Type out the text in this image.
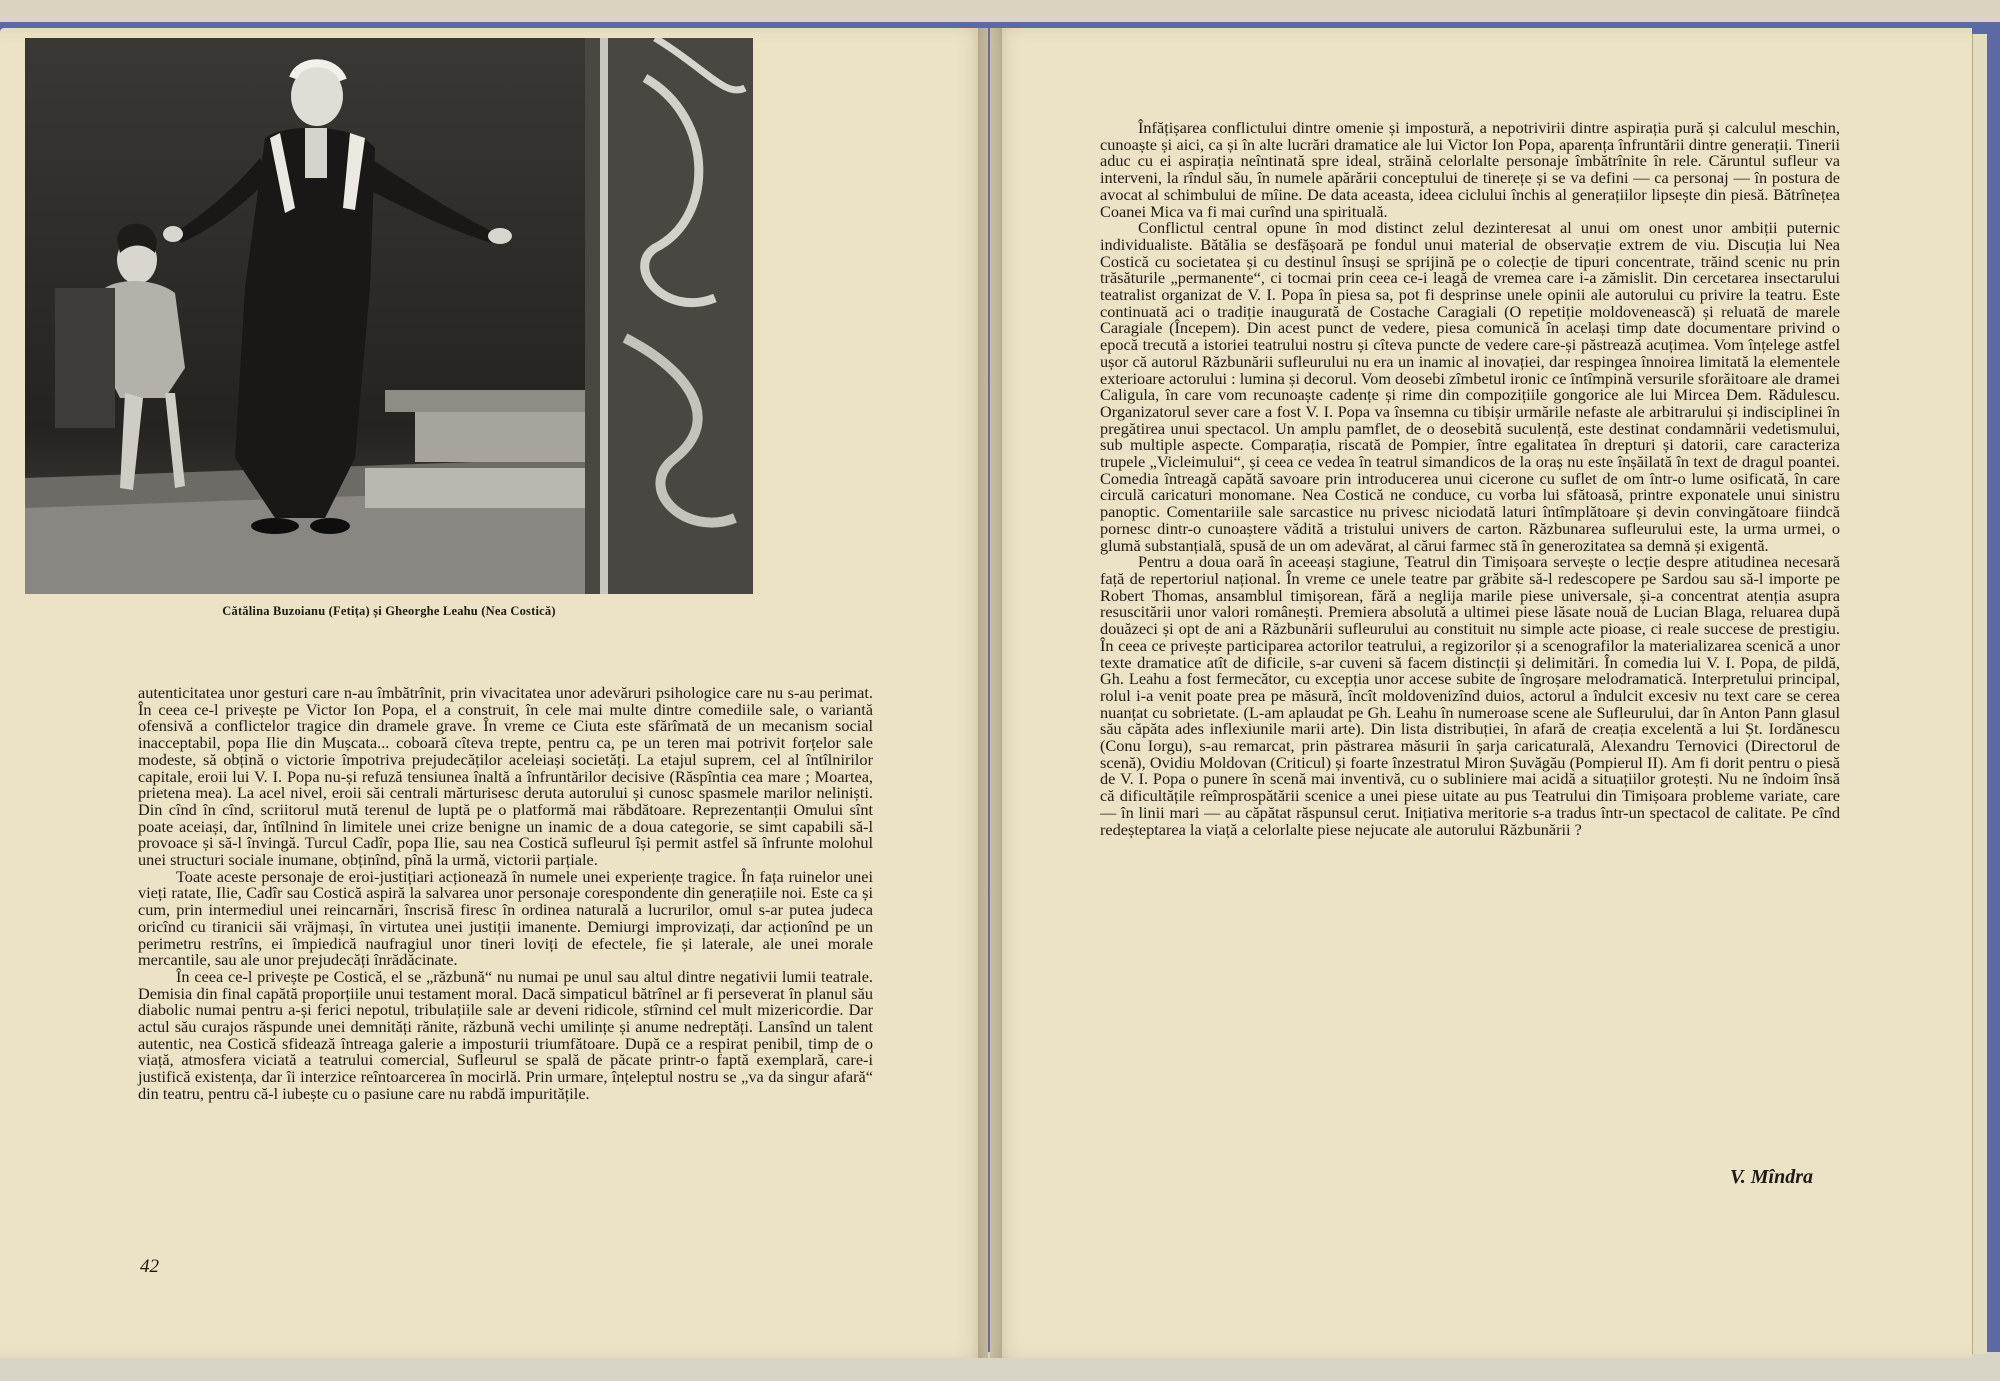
Cătălina Buzoianu (Fetița) și Gheorghe Leahu (Nea Costică)

autenticitatea unor gesturi care n-au îmbătrînit, prin vivacitatea unor adevăruri psihologice care nu s-au perimat. În ceea ce-l privește pe Victor Ion Popa, el a construit, în cele mai multe dintre comediile sale, o variantă ofensivă a conflictelor tragice din dramele grave. În vreme ce Ciuta este sfărîmată de un mecanism social inacceptabil, popa Ilie din Mușcata... coboară cîteva trepte, pentru ca, pe un teren mai potrivit forțelor sale modeste, să obțină o victorie împotriva prejudecăților aceleiași societăți. La etajul suprem, cel al întîlnirilor capitale, eroii lui V. I. Popa nu-și refuză tensiunea înaltă a înfruntărilor decisive (Răspîntia cea mare ; Moartea, prietena mea). La acel nivel, eroii săi centrali mărturisesc deruta autorului și cunosc spasmele marilor neliniști. Din cînd în cînd, scriitorul mută terenul de luptă pe o platformă mai răbdătoare. Reprezentanții Omului sînt poate aceiași, dar, întîlnind în limitele unei crize benigne un inamic de a doua categorie, se simt capabili să-l provoace și să-l învingă. Turcul Cadîr, popa Ilie, sau nea Costică sufleurul își permit astfel să înfrunte molohul unei structuri sociale inumane, obținînd, pînă la urmă, victorii parțiale.

Toate aceste personaje de eroi-justițiari acționează în numele unei experiențe tragice. În fața ruinelor unei vieți ratate, Ilie, Cadîr sau Costică aspiră la salvarea unor personaje corespondente din generațiile noi. Este ca și cum, prin intermediul unei reincarnări, înscrisă firesc în ordinea naturală a lucrurilor, omul s-ar putea judeca oricînd cu tiranicii săi vrăjmași, în virtutea unei justiții imanente. Demiurgi improvizați, dar acționînd pe un perimetru restrîns, ei împiedică naufragiul unor tineri loviți de efectele, fie și laterale, ale unei morale mercantile, sau ale unor prejudecăți înrădăcinate.

În ceea ce-l privește pe Costică, el se „răzbună“ nu numai pe unul sau altul dintre negativii lumii teatrale. Demisia din final capătă proporțiile unui testament moral. Dacă simpaticul bătrînel ar fi perseverat în planul său diabolic numai pentru a-și ferici nepotul, tribulațiile sale ar deveni ridicole, stîrnind cel mult mizericordie. Dar actul său curajos răspunde unei demnități rănite, răzbună vechi umilințe și anume nedreptăți. Lansînd un talent autentic, nea Costică sfidează întreaga galerie a imposturii triumfătoare. După ce a respirat penibil, timp de o viață, atmosfera viciată a teatrului comercial, Sufleurul se spală de păcate printr-o faptă exemplară, care-i justifică existența, dar îi interzice reîntoarcerea în mocirlă. Prin urmare, înțeleptul nostru se „va da singur afară“ din teatru, pentru că-l iubește cu o pasiune care nu rabdă impuritățile.

42

Înfățișarea conflictului dintre omenie și impostură, a nepotrivirii dintre aspirația pură și calculul meschin, cunoaște și aici, ca și în alte lucrări dramatice ale lui Victor Ion Popa, aparența înfruntării dintre generații. Tinerii aduc cu ei aspirația neîntinată spre ideal, străină celorlalte personaje îmbătrînite în rele. Căruntul sufleur va interveni, la rîndul său, în numele apărării conceptului de tinerețe și se va defini — ca personaj — în postura de avocat al schimbului de mîine. De data aceasta, ideea ciclului închis al generațiilor lipsește din piesă. Bătrînețea Coanei Mica va fi mai curînd una spirituală.

Conflictul central opune în mod distinct zelul dezinteresat al unui om onest unor ambiții puternic individualiste. Bătălia se desfășoară pe fondul unui material de observație extrem de viu. Discuția lui Nea Costică cu societatea și cu destinul însuși se sprijină pe o colecție de tipuri concentrate, trăind scenic nu prin trăsăturile „permanente“, ci tocmai prin ceea ce-i leagă de vremea care i-a zămislit. Din cercetarea insectarului teatralist organizat de V. I. Popa în piesa sa, pot fi desprinse unele opinii ale autorului cu privire la teatru. Este continuată aci o tradiție inaugurată de Costache Caragiali (O repetiție moldovenească) și reluată de marele Caragiale (Începem). Din acest punct de vedere, piesa comunică în același timp date documentare privind o epocă trecută a istoriei teatrului nostru și cîteva puncte de vedere care-și păstrează acuțimea. Vom înțelege astfel ușor că autorul Răzbunării sufleurului nu era un inamic al inovației, dar respingea înnoirea limitată la elementele exterioare actorului : lumina și decorul. Vom deosebi zîmbetul ironic ce întîmpină versurile sforăitoare ale dramei Caligula, în care vom recunoaște cadențe și rime din compozițiile gongorice ale lui Mircea Dem. Rădulescu. Organizatorul sever care a fost V. I. Popa va însemna cu tibișir urmările nefaste ale arbitrarului și indisciplinei în pregătirea unui spectacol. Un amplu pamflet, de o deosebită suculență, este destinat condamnării vedetismului, sub multiple aspecte. Comparația, riscată de Pompier, între egalitatea în drepturi și datorii, care caracteriza trupele „Vicleimului“, și ceea ce vedea în teatrul simandicos de la oraș nu este înșăilată în text de dragul poantei. Comedia întreagă capătă savoare prin introducerea unui cicerone cu suflet de om într-o lume osificată, în care circulă caricaturi monomane. Nea Costică ne conduce, cu vorba lui sfătoasă, printre exponatele unui sinistru panoptic. Comentariile sale sarcastice nu privesc niciodată laturi întîmplătoare și devin convingătoare fiindcă pornesc dintr-o cunoaștere vădită a tristului univers de carton. Răzbunarea sufleurului este, la urma urmei, o glumă substanțială, spusă de un om adevărat, al cărui farmec stă în generozitatea sa demnă și exigentă.

Pentru a doua oară în aceeași stagiune, Teatrul din Timișoara servește o lecție despre atitudinea necesară față de repertoriul național. În vreme ce unele teatre par grăbite să-l redescopere pe Sardou sau să-l importe pe Robert Thomas, ansamblul timișorean, fără a neglija marile piese universale, și-a concentrat atenția asupra resuscitării unor valori românești. Premiera absolută a ultimei piese lăsate nouă de Lucian Blaga, reluarea după douăzeci și opt de ani a Răzbunării sufleurului au constituit nu simple acte pioase, ci reale succese de prestigiu. În ceea ce privește participarea actorilor teatrului, a regizorilor și a scenografilor la materializarea scenică a unor texte dramatice atît de dificile, s-ar cuveni să facem distincții și delimitări. În comedia lui V. I. Popa, de pildă, Gh. Leahu a fost fermecător, cu excepția unor accese subite de îngroșare melodramatică. Interpretului principal, rolul i-a venit poate prea pe măsură, încît moldovenizînd duios, actorul a îndulcit excesiv nu text care se cerea nuanțat cu sobrietate. (L-am aplaudat pe Gh. Leahu în numeroase scene ale Sufleurului, dar în Anton Pann glasul său căpăta ades inflexiunile marii arte). Din lista distribuției, în afară de creația excelentă a lui Șt. Iordănescu (Conu Iorgu), s-au remarcat, prin păstrarea măsurii în șarja caricaturală, Alexandru Ternovici (Directorul de scenă), Ovidiu Moldovan (Criticul) și foarte înzestratul Miron Șuvăgău (Pompierul II). Am fi dorit pentru o piesă de V. I. Popa o punere în scenă mai inventivă, cu o subliniere mai acidă a situațiilor grotești. Nu ne îndoim însă că dificultățile reîmprospătării scenice a unei piese uitate au pus Teatrului din Timișoara probleme variate, care — în linii mari — au căpătat răspunsul cerut. Inițiativa meritorie s-a tradus într-un spectacol de calitate. Pe cînd redeșteptarea la viață a celorlalte piese nejucate ale autorului Răzbunării ?

V. Mîndra
